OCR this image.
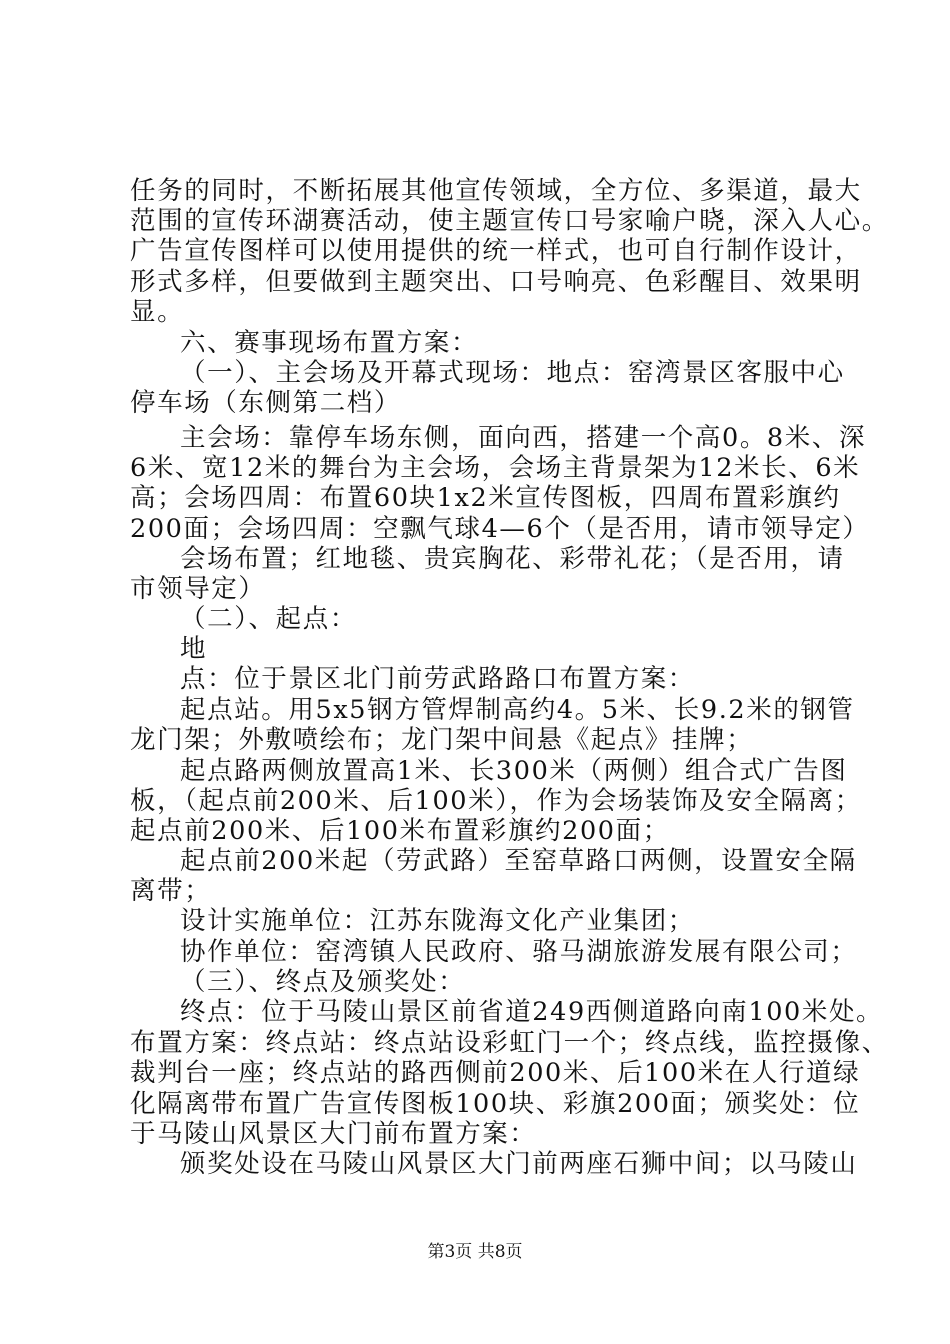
任务的同时，不断拓展其他宣传领域，全方位、多渠道，最大
范围的宣传环湖赛活动，使主题宣传口号家喻户晓，深入人心。
广告宣传图样可以使用提供的统一样式，也可自行制作设计，
形式多样，但要做到主题突出、口号响亮、色彩醒目、效果明
显。
六、赛事现场布置方案：
（一）、主会场及开幕式现场：地点：窑湾景区客服中心
停车场（东侧第二档）
主会场：靠停车场东侧，面向西，搭建一个高0。8米、深
6米、宽12米的舞台为主会场，会场主背景架为12米长、6米
高；会场四周：布置60块1x2米宣传图板，四周布置彩旗约
200面；会场四周：空飘气球4—6个（是否用，请市领导定）
会场布置；红地毯、贵宾胸花、彩带礼花；（是否用，请
市领导定）
（二）、起点：
地
点：位于景区北门前劳武路路口布置方案：
起点站。用5x5钢方管焊制高约4。5米、长9.2米的钢管
龙门架；外敷喷绘布；龙门架中间悬《起点》挂牌；
起点路两侧放置高1米、长300米（两侧）组合式广告图
板，（起点前200米、后100米），作为会场装饰及安全隔离；
起点前200米、后100米布置彩旗约200面；
起点前200米起（劳武路）至窑草路口两侧，设置安全隔
离带；
设计实施单位：江苏东陇海文化产业集团；
协作单位：窑湾镇人民政府、骆马湖旅游发展有限公司；
（三）、终点及颁奖处：
终点：位于马陵山景区前省道249西侧道路向南100米处。
布置方案：终点站：终点站设彩虹门一个；终点线，监控摄像、
裁判台一座；终点站的路西侧前200米、后100米在人行道绿
化隔离带布置广告宣传图板100块、彩旗200面；颁奖处：位
于马陵山风景区大门前布置方案：
颁奖处设在马陵山风景区大门前两座石狮中间；以马陵山
第3页 共8页
